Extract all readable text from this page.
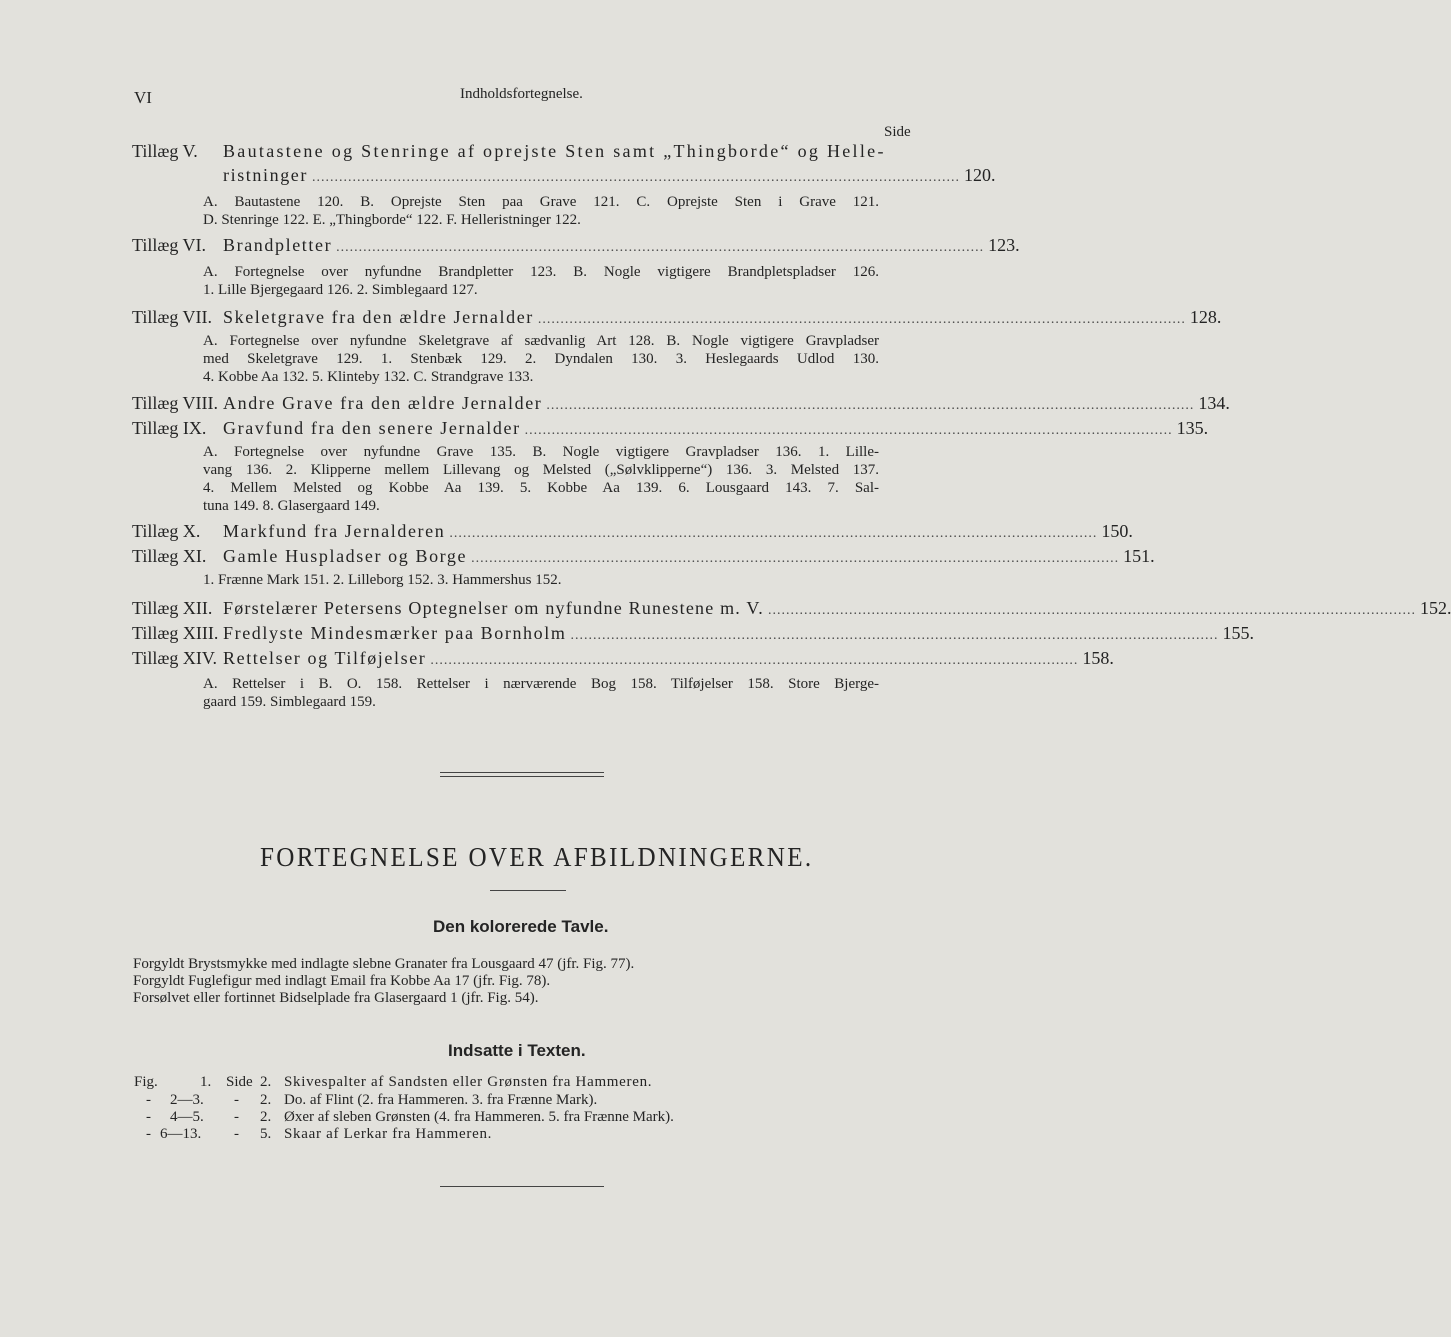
VI	Indholdsfortegnelse.
Side
Tillæg V.	Bautastene og Stenringe af oprejste Sten samt „Thingborde“ og Helle-
ristninger ................................................................................................................................................ 120.
A. Bautastene 120. B. Oprejste Sten paa Grave 121. C. Oprejste Sten i Grave 121.
D. Stenringe 122. E. „Thingborde“ 122. F. Helleristninger 122.
Tillæg VI. Brandpletter ................................................................................................................................................ 123.
A. Fortegnelse over nyfundne Brandpletter 123. B. Nogle vigtigere Brandpletspladser 126.
1. Lille Bjergegaard 126. 2. Simblegaard 127.
Tillæg VII. Skeletgrave fra den ældre Jernalder ................................................................................................................................................ 128.
A. Fortegnelse over nyfundne Skeletgrave af sædvanlig Art 128. B. Nogle vigtigere Gravpladser
med Skeletgrave 129. 1. Stenbæk 129. 2. Dyndalen 130. 3. Heslegaards Udlod 130.
4. Kobbe Aa 132. 5. Klinteby 132. C. Strandgrave 133.
Tillæg VIII. Andre Grave fra den ældre Jernalder ................................................................................................................................................ 134.
Tillæg IX. Gravfund fra den senere Jernalder ................................................................................................................................................ 135.
A. Fortegnelse over nyfundne Grave 135. B. Nogle vigtigere Gravpladser 136. 1. Lille-
vang 136. 2. Klipperne mellem Lillevang og Melsted („Sølvklipperne“) 136. 3. Melsted 137.
4. Mellem Melsted og Kobbe Aa 139. 5. Kobbe Aa 139. 6. Lousgaard 143. 7. Sal-
tuna 149. 8. Glasergaard 149.
Tillæg X.	Markfund fra Jernalderen ................................................................................................................................................ 150.
Tillæg XI. Gamle Huspladser og Borge ................................................................................................................................................ 151.
1. Frænne Mark 151. 2. Lilleborg 152. 3. Hammershus 152.
Tillæg XII. Førstelærer Petersens Optegnelser om nyfundne Runestene m. V. ................................................................................................................................................ 152.
Tillæg XIII. Fredlyste Mindesmærker paa Bornholm ................................................................................................................................................ 155.
Tillæg XIV. Rettelser og Tilføjelser ................................................................................................................................................ 158.
A. Rettelser i B. O. 158. Rettelser i nærværende Bog 158. Tilføjelser 158. Store Bjerge-
gaard 159. Simblegaard 159.
FORTEGNELSE OVER AFBILDNINGERNE.
Den kolorerede Tavle.
Forgyldt Brystsmykke med indlagte slebne Granater fra Lousgaard 47 (jfr. Fig. 77).
Forgyldt Fuglefigur med indlagt Email fra Kobbe Aa 17 (jfr. Fig. 78).
Forsølvet eller fortinnet Bidselplade fra Glasergaard 1 (jfr. Fig. 54).
Indsatte i Texten.
Fig.	1. Side 2. Skivespalter af Sandsten eller Grønsten fra Hammeren.
- 2—3. - 2. Do. af Flint (2. fra Hammeren. 3. fra Frænne Mark).
- 4—5. - 2. Øxer af sleben Grønsten (4. fra Hammeren. 5. fra Frænne Mark).
- 6—13. - 5. Skaar af Lerkar fra Hammeren.
